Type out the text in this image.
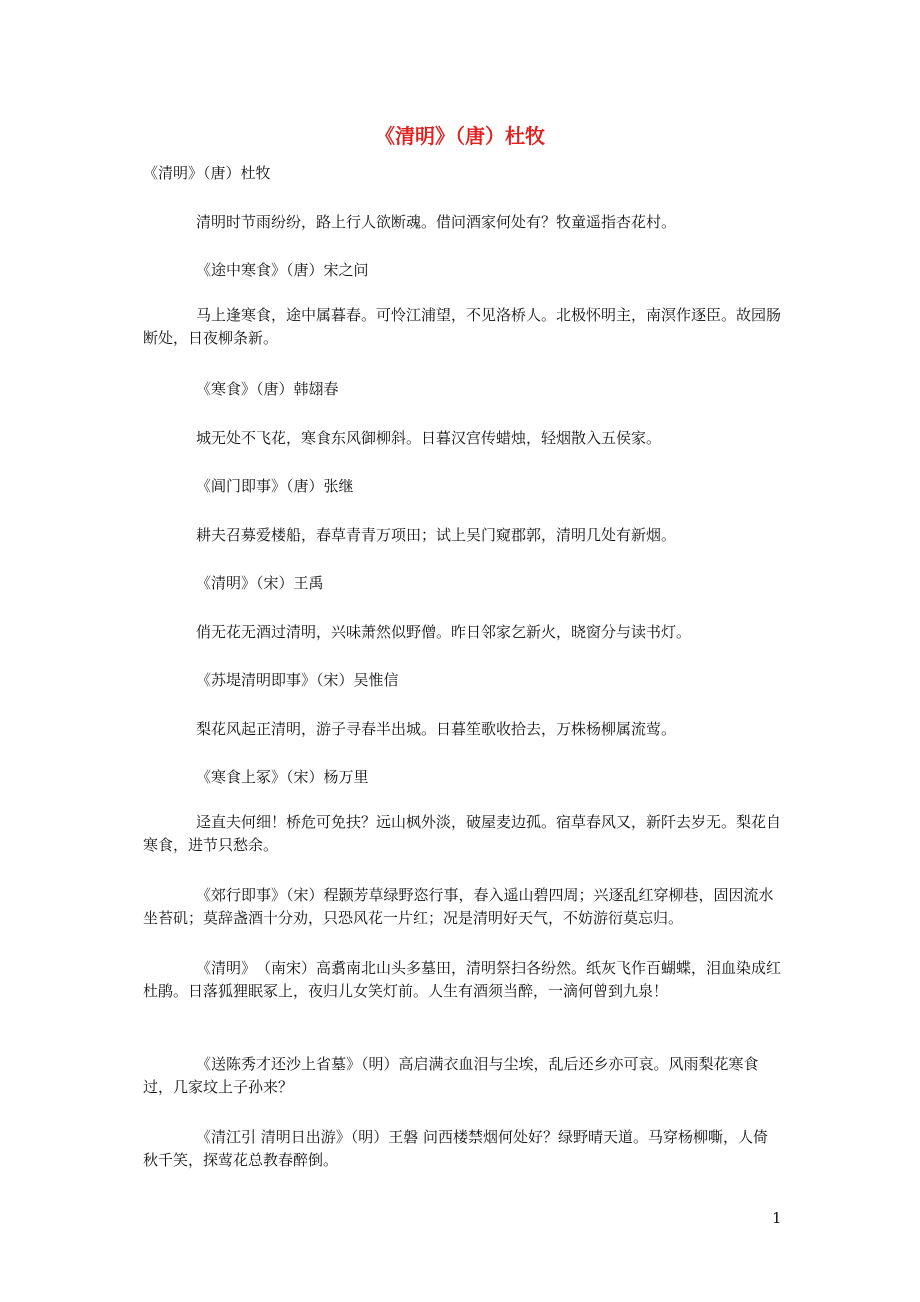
《清明》（唐）杜牧

《清明》（唐）杜牧

清明时节雨纷纷，路上行人欲断魂。借问酒家何处有？牧童遥指杏花村。

《途中寒食》（唐）宋之问

马上逢寒食，途中属暮春。可怜江浦望，不见洛桥人。北极怀明主，南溟作逐臣。故园肠断处，日夜柳条新。

《寒食》（唐）韩翃春

城无处不飞花，寒食东风御柳斜。日暮汉宫传蜡烛，轻烟散入五侯家。

《阊门即事》（唐）张继

耕夫召募爱楼船，春草青青万项田；试上吴门窥郡郭，清明几处有新烟。

《清明》（宋）王禹

俏无花无酒过清明，兴味萧然似野僧。昨日邻家乞新火，晓窗分与读书灯。

《苏堤清明即事》（宋）吴惟信

梨花风起正清明，游子寻春半出城。日暮笙歌收拾去，万株杨柳属流莺。

《寒食上冢》（宋）杨万里

迳直夫何细！桥危可免扶？远山枫外淡，破屋麦边孤。宿草春风又，新阡去岁无。梨花自寒食，进节只愁余。

《郊行即事》（宋）程颢芳草绿野恣行事，春入遥山碧四周；兴逐乱红穿柳巷，固因流水坐苔矶；莫辞盏酒十分劝，只恐风花一片红；况是清明好天气，不妨游衍莫忘归。

《清明》　（南宋）高翥南北山头多墓田，清明祭扫各纷然。纸灰飞作百蝴蝶，泪血染成红杜鹃。日落狐狸眠冢上，夜归儿女笑灯前。人生有酒须当醉，一滴何曾到九泉！

《送陈秀才还沙上省墓》（明）高启满衣血泪与尘埃，乱后还乡亦可哀。风雨梨花寒食过，几家坟上子孙来？

《清江引 清明日出游》（明）王磐 问西楼禁烟何处好？绿野晴天道。马穿杨柳嘶，人倚秋千笑，探莺花总教春醉倒。

1
